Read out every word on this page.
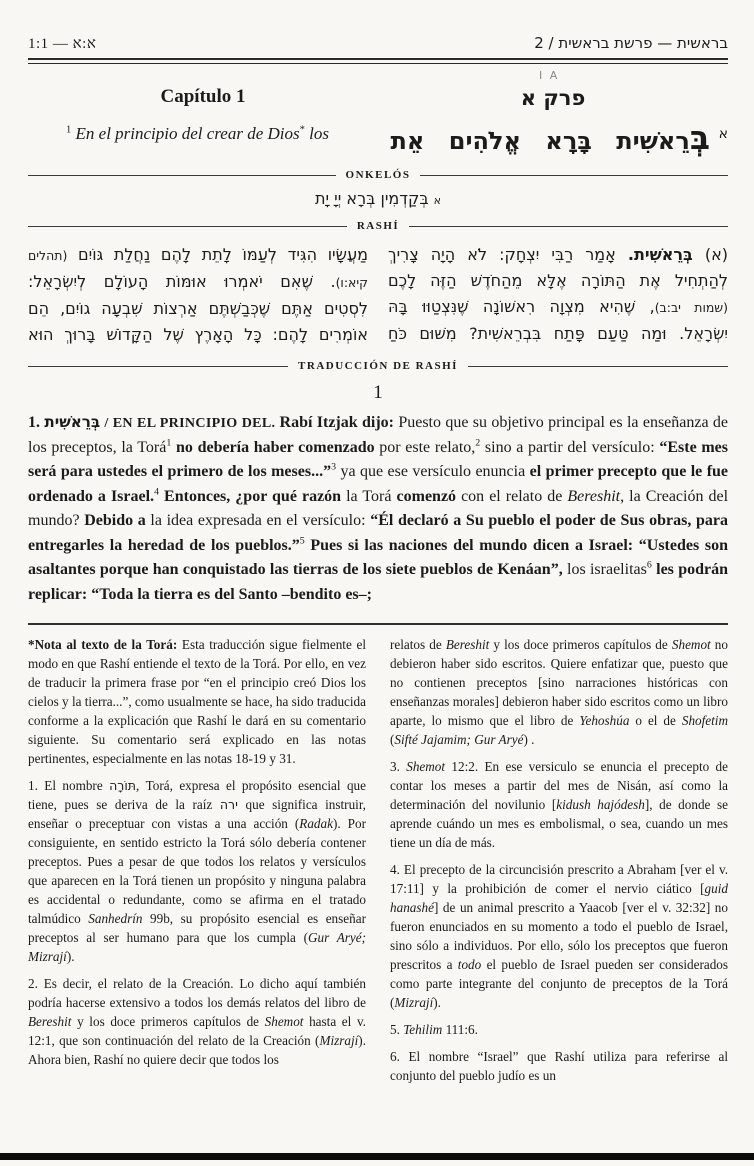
1:1 — א:א	בראשית — פרשת בראשית / 2
Capítulo 1
I A
פרק א
$^1$ En el principio del crear de Dios* los	בְּרֵאשִׁית בָּרָא אֱלֹהִים אֵת	א
ONKELÓS
אבְּקַדְמִין בְּרָא יְיָ יָת
RASHÍ
(א) בְּרֵאשִׁית. אָמַר רַבִּי יִצְחָק: לֹא הָיָה צָרִיךְ
לְהַתְחִיל אֶת הַתּוֹרָה אֶלָּא מֵהַחֹדֶשׁ הַזֶּה לָכֶם
(שמות יב:ב), שֶׁהִיא מִצְוָה רִאשׁוֹנָה שֶׁנִּצְטַוּוּ בָּהּ
יִשְׂרָאֵל. וּמַה טַּעַם פָּתַח בִּבְרֵאשִׁית? מִשּׁוּם כֹּחַ
מַעֲשָׂיו הִגִּיד לְעַמּוֹ לָתֵת לָהֶם נַחֲלַת גּוֹיִם (תהלים
קיא:ו). שֶׁאִם יֹאמְרוּ אוּמּוֹת הָעוֹלָם לְיִשְׂרָאֵל:
לִסְטִים אַתֶּם שֶׁכְּבַשְׁתֶּם אַרְצוֹת שִׁבְעָה גוֹיִם, הֵם
אוֹמְרִים לָהֶם: כָּל הָאָרֶץ שֶׁל הַקָּדוֹשׁ בָּרוּךְ הוּא
TRADUCCIÓN DE RASHÍ
1
1. בְּרֵאשִׁית / EN EL PRINCIPIO DEL. Rabí Itzjak dijo: Puesto que su objetivo principal es la enseñanza de los preceptos, la Torá$^1$ no debería haber comenzado por este relato,$^2$ sino a partir del versículo: “Este mes será para ustedes el primero de los meses...”$^3$ ya que ese versículo enuncia el primer precepto que le fue ordenado a Israel.$^4$ Entonces, ¿por qué razón la Torá comenzó con el relato de Bereshit, la Creación del mundo? Debido a la idea expresada en el versículo: “Él declaró a Su pueblo el poder de Sus obras, para entregarles la heredad de los pueblos.”$^5$ Pues si las naciones del mundo dicen a Israel: “Ustedes son asaltantes porque han conquistado las tierras de los siete pueblos de Kenáan”, los israelitas$^6$ les podrán replicar: “Toda la tierra es del Santo –bendito es–;
*Nota al texto de la Torá: Esta traducción sigue fielmente el modo en que Rashí entiende el texto de la Torá. Por ello, en vez de traducir la primera frase por “en el principio creó Dios los cielos y la tierra...”, como usualmente se hace, ha sido traducida conforme a la explicación que Rashí le dará en su comentario siguiente. Su comentario será explicado en las notas pertinentes, especialmente en las notas 18-19 y 31.
1. El nombre תּוֹרָה, Torá, expresa el propósito esencial que tiene, pues se deriva de la raíz ירה que significa instruir, enseñar o preceptuar con vistas a una acción (Radak). Por consiguiente, en sentido estricto la Torá sólo debería contener preceptos. Pues a pesar de que todos los relatos y versículos que aparecen en la Torá tienen un propósito y ninguna palabra es accidental o redundante, como se afirma en el tratado talmúdico Sanhedrín 99b, su propósito esencial es enseñar preceptos al ser humano para que los cumpla (Gur Aryé; Mizrají).
2. Es decir, el relato de la Creación. Lo dicho aquí también podría hacerse extensivo a todos los demás relatos del libro de Bereshit y los doce primeros capítulos de Shemot hasta el v. 12:1, que son continuación del relato de la Creación (Mizrají). Ahora bien, Rashí no quiere decir que todos los
relatos de Bereshit y los doce primeros capítulos de Shemot no debieron haber sido escritos. Quiere enfatizar que, puesto que no contienen preceptos [sino narraciones históricas con enseñanzas morales] debieron haber sido escritos como un libro aparte, lo mismo que el libro de Yehoshúa o el de Shofetim (Sifté Jajamim; Gur Aryé) .
3. Shemot 12:2. En ese versiculo se enuncia el precepto de contar los meses a partir del mes de Nisán, así como la determinación del novilunio [kidush hajódesh], de donde se aprende cuándo un mes es embolismal, o sea, cuando un mes tiene un día de más.
4. El precepto de la circuncisión prescrito a Abraham [ver el v. 17:11] y la prohibición de comer el nervio ciático [guid hanashé] de un animal prescrito a Yaacob [ver el v. 32:32] no fueron enunciados en su momento a todo el pueblo de Israel, sino sólo a individuos. Por ello, sólo los preceptos que fueron prescritos a todo el pueblo de Israel pueden ser considerados como parte integrante del conjunto de preceptos de la Torá (Mizrají).
5. Tehilim 111:6.
6. El nombre “Israel” que Rashí utiliza para referirse al conjunto del pueblo judío es un
